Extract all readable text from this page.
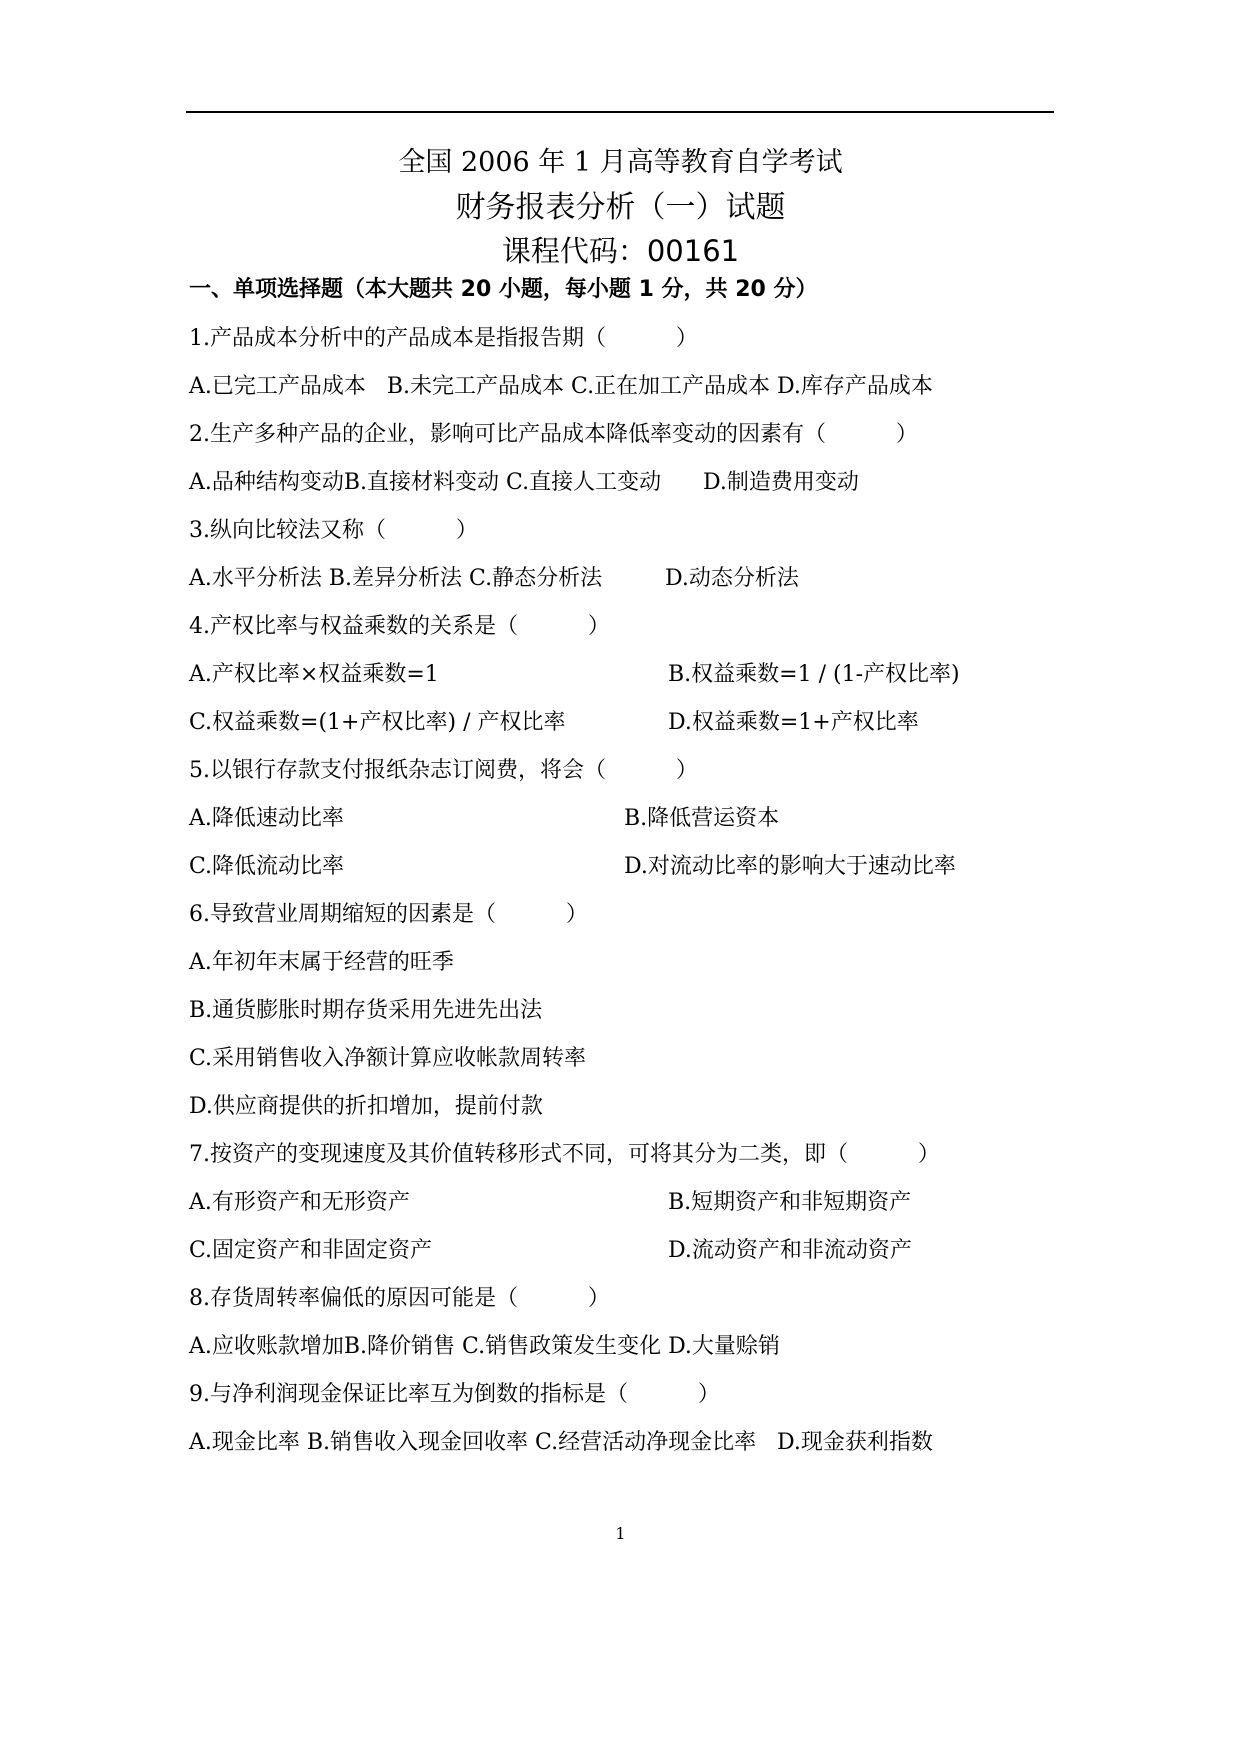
全国 2006 年 1 月高等教育自学考试
财务报表分析（一）试题
课程代码：00161
一、单项选择题（本大题共 20 小题，每小题 1 分，共 20 分）
1.产品成本分析中的产品成本是指报告期（          ）
A.已完工产品成本   B.未完工产品成本 C.正在加工产品成本 D.库存产品成本
2.生产多种产品的企业，影响可比产品成本降低率变动的因素有（          ）
A.品种结构变动B.直接材料变动 C.直接人工变动      D.制造费用变动
3.纵向比较法又称（          ）
A.水平分析法 B.差异分析法 C.静态分析法         D.动态分析法
4.产权比率与权益乘数的关系是（          ）
A.产权比率×权益乘数=1	B.权益乘数=1 / (1-产权比率)
C.权益乘数=(1+产权比率) / 产权比率	D.权益乘数=1+产权比率
5.以银行存款支付报纸杂志订阅费，将会（          ）
A.降低速动比率	B.降低营运资本
C.降低流动比率	D.对流动比率的影响大于速动比率
6.导致营业周期缩短的因素是（          ）
A.年初年末属于经营的旺季
B.通货膨胀时期存货采用先进先出法
C.采用销售收入净额计算应收帐款周转率
D.供应商提供的折扣增加，提前付款
7.按资产的变现速度及其价值转移形式不同，可将其分为二类，即（          ）
A.有形资产和无形资产	B.短期资产和非短期资产
C.固定资产和非固定资产	D.流动资产和非流动资产
8.存货周转率偏低的原因可能是（          ）
A.应收账款增加B.降价销售 C.销售政策发生变化 D.大量赊销
9.与净利润现金保证比率互为倒数的指标是（          ）
A.现金比率 B.销售收入现金回收率 C.经营活动净现金比率   D.现金获利指数
1
